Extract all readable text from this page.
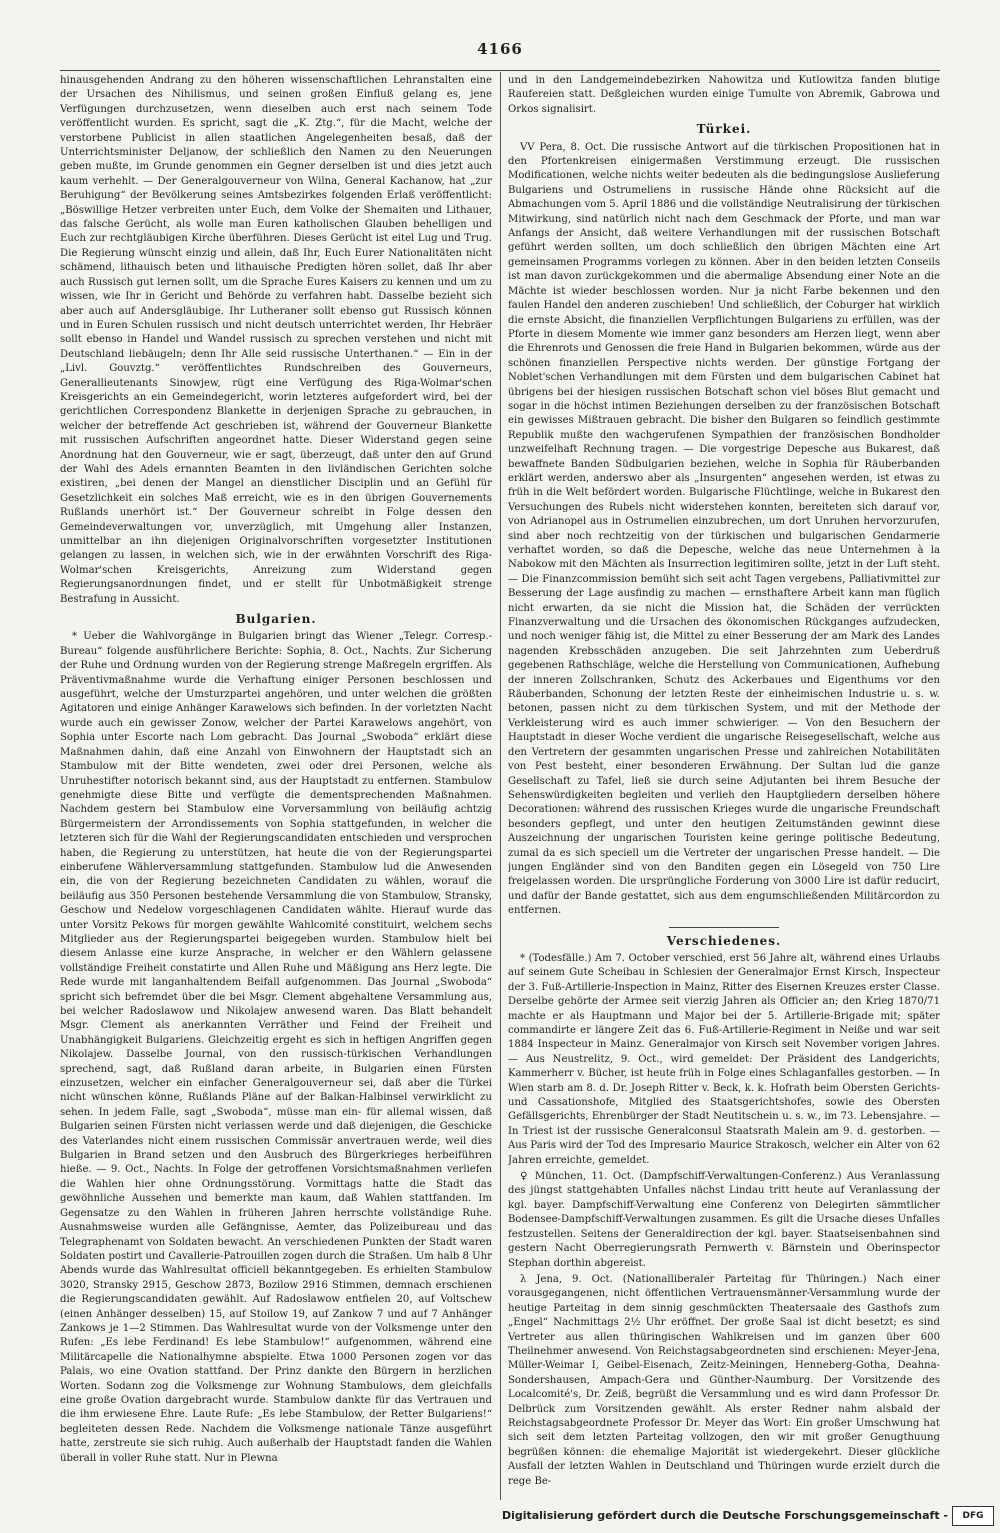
4166

hinausgehenden Andrang zu den höheren wissenschaftlichen Lehranstalten eine der Ursachen des Nihilismus, und seinen großen Einfluß gelang es, jene Verfügungen durchzusetzen, wenn dieselben auch erst nach seinem Tode veröffentlicht wurden. Es spricht, sagt die „K. Ztg.“, für die Macht, welche der verstorbene Publicist in allen staatlichen Angelegenheiten besaß, daß der Unterrichtsminister Deljanow, der schließlich den Namen zu den Neuerungen geben mußte, im Grunde genommen ein Gegner derselben ist und dies jetzt auch kaum verhehlt. — Der Generalgouverneur von Wilna, General Kachanow, hat „zur Beruhigung“ der Bevölkerung seines Amtsbezirkes folgenden Erlaß veröffentlicht: „Böswillige Hetzer verbreiten unter Euch, dem Volke der Shemaiten und Lithauer, das falsche Gerücht, als wolle man Euren katholischen Glauben behelligen und Euch zur rechtgläubigen Kirche überführen. Dieses Gerücht ist eitel Lug und Trug. Die Regierung wünscht einzig und allein, daß Ihr, Euch Eurer Nationalitäten nicht schämend, lithauisch beten und lithauische Predigten hören sollet, daß Ihr aber auch Russisch gut lernen sollt, um die Sprache Eures Kaisers zu kennen und um zu wissen, wie Ihr in Gericht und Behörde zu verfahren habt. Dasselbe bezieht sich aber auch auf Andersgläubige. Ihr Lutheraner sollt ebenso gut Russisch können und in Euren Schulen russisch und nicht deutsch unterrichtet werden, Ihr Hebräer sollt ebenso in Handel und Wandel russisch zu sprechen verstehen und nicht mit Deutschland liebäugeln; denn Ihr Alle seid russische Unterthanen.“ — Ein in der „Livl. Gouvztg.“ veröffentlichtes Rundschreiben des Gouverneurs, Generallieutenants Sinowjew, rügt eine Verfügung des Riga-Wolmar'schen Kreisgerichts an ein Gemeindegericht, worin letzteres aufgefordert wird, bei der gerichtlichen Correspondenz Blankette in derjenigen Sprache zu gebrauchen, in welcher der betreffende Act geschrieben ist, während der Gouverneur Blankette mit russischen Aufschriften angeordnet hatte. Dieser Widerstand gegen seine Anordnung hat den Gouverneur, wie er sagt, überzeugt, daß unter den auf Grund der Wahl des Adels ernannten Beamten in den livländischen Gerichten solche existiren, „bei denen der Mangel an dienstlicher Disciplin und an Gefühl für Gesetzlichkeit ein solches Maß erreicht, wie es in den übrigen Gouvernements Rußlands unerhört ist.“ Der Gouverneur schreibt in Folge dessen den Gemeindeverwaltungen vor, unverzüglich, mit Umgehung aller Instanzen, unmittelbar an ihn diejenigen Originalvorschriften vorgesetzter Institutionen gelangen zu lassen, in welchen sich, wie in der erwähnten Vorschrift des Riga-Wolmar'schen Kreisgerichts, Anreizung zum Widerstand gegen Regierungsanordnungen findet, und er stellt für Unbotmäßigkeit strenge Bestrafung in Aussicht.

Bulgarien.

* Ueber die Wahlvorgänge in Bulgarien bringt das Wiener „Telegr. Corresp.-Bureau“ folgende ausführlichere Berichte: Sophia, 8. Oct., Nachts. Zur Sicherung der Ruhe und Ordnung wurden von der Regierung strenge Maßregeln ergriffen. Als Präventivmaßnahme wurde die Verhaftung einiger Personen beschlossen und ausgeführt, welche der Umsturzpartei angehören, und unter welchen die größten Agitatoren und einige Anhänger Karawelows sich befinden. In der vorletzten Nacht wurde auch ein gewisser Zonow, welcher der Partei Karawelows angehört, von Sophia unter Escorte nach Lom gebracht. Das Journal „Swoboda“ erklärt diese Maßnahmen dahin, daß eine Anzahl von Einwohnern der Hauptstadt sich an Stambulow mit der Bitte wendeten, zwei oder drei Personen, welche als Unruhestifter notorisch bekannt sind, aus der Hauptstadt zu entfernen. Stambulow genehmigte diese Bitte und verfügte die dementsprechenden Maßnahmen. Nachdem gestern bei Stambulow eine Vorversammlung von beiläufig achtzig Bürgermeistern der Arrondissements von Sophia stattgefunden, in welcher die letzteren sich für die Wahl der Regierungscandidaten entschieden und versprochen haben, die Regierung zu unterstützen, hat heute die von der Regierungspartei einberufene Wählerversammlung stattgefunden. Stambulow lud die Anwesenden ein, die von der Regierung bezeichneten Candidaten zu wählen, worauf die beiläufig aus 350 Personen bestehende Versammlung die von Stambulow, Stransky, Geschow und Nedelow vorgeschlagenen Candidaten wählte. Hierauf wurde das unter Vorsitz Pekows für morgen gewählte Wahlcomité constituirt, welchem sechs Mitglieder aus der Regierungspartei beigegeben wurden. Stambulow hielt bei diesem Anlasse eine kurze Ansprache, in welcher er den Wählern gelassene vollständige Freiheit constatirte und Allen Ruhe und Mäßigung ans Herz legte. Die Rede wurde mit langanhaltendem Beifall aufgenommen. Das Journal „Swoboda“ spricht sich befremdet über die bei Msgr. Clement abgehaltene Versammlung aus, bei welcher Radoslawow und Nikolajew anwesend waren. Das Blatt behandelt Msgr. Clement als anerkannten Verräther und Feind der Freiheit und Unabhängigkeit Bulgariens. Gleichzeitig ergeht es sich in heftigen Angriffen gegen Nikolajew. Dasselbe Journal, von den russisch-türkischen Verhandlungen sprechend, sagt, daß Rußland daran arbeite, in Bulgarien einen Fürsten einzusetzen, welcher ein einfacher Generalgouverneur sei, daß aber die Türkei nicht wünschen könne, Rußlands Pläne auf der Balkan-Halbinsel verwirklicht zu sehen. In jedem Falle, sagt „Swoboda“, müsse man ein- für allemal wissen, daß Bulgarien seinen Fürsten nicht verlassen werde und daß diejenigen, die Geschicke des Vaterlandes nicht einem russischen Commissär anvertrauen werde, weil dies Bulgarien in Brand setzen und den Ausbruch des Bürgerkrieges herbeiführen hieße. — 9. Oct., Nachts. In Folge der getroffenen Vorsichtsmaßnahmen verliefen die Wahlen hier ohne Ordnungsstörung. Vormittags hatte die Stadt das gewöhnliche Aussehen und bemerkte man kaum, daß Wahlen stattfanden. Im Gegensatze zu den Wahlen in früheren Jahren herrschte vollständige Ruhe. Ausnahmsweise wurden alle Gefängnisse, Aemter, das Polizeibureau und das Telegraphenamt von Soldaten bewacht. An verschiedenen Punkten der Stadt waren Soldaten postirt und Cavallerie-Patrouillen zogen durch die Straßen. Um halb 8 Uhr Abends wurde das Wahlresultat officiell bekanntgegeben. Es erhielten Stambulow 3020, Stransky 2915, Geschow 2873, Bozilow 2916 Stimmen, demnach erschienen die Regierungscandidaten gewählt. Auf Radoslawow entfielen 20, auf Voltschew (einen Anhänger desselben) 15, auf Stoilow 19, auf Zankow 7 und auf 7 Anhänger Zankows je 1—2 Stimmen. Das Wahlresultat wurde von der Volksmenge unter den Rufen: „Es lebe Ferdinand! Es lebe Stambulow!“ aufgenommen, während eine Militärcapelle die Nationalhymne abspielte. Etwa 1000 Personen zogen vor das Palais, wo eine Ovation stattfand. Der Prinz dankte den Bürgern in herzlichen Worten. Sodann zog die Volksmenge zur Wohnung Stambulows, dem gleichfalls eine große Ovation dargebracht wurde. Stambulow dankte für das Vertrauen und die ihm erwiesene Ehre. Laute Rufe: „Es lebe Stambulow, der Retter Bulgariens!“ begleiteten dessen Rede. Nachdem die Volksmenge nationale Tänze ausgeführt hatte, zerstreute sie sich ruhig. Auch außerhalb der Hauptstadt fanden die Wahlen überall in voller Ruhe statt. Nur in Plewna

und in den Landgemeindebezirken Nahowitza und Kutlowitza fanden blutige Raufereien statt. Deßgleichen wurden einige Tumulte von Abremik, Gabrowa und Orkos signalisirt.

Türkei.

VV Pera, 8. Oct. Die russische Antwort auf die türkischen Propositionen hat in den Pfortenkreisen einigermaßen Verstimmung erzeugt. Die russischen Modificationen, welche nichts weiter bedeuten als die bedingungslose Auslieferung Bulgariens und Ostrumeliens in russische Hände ohne Rücksicht auf die Abmachungen vom 5. April 1886 und die vollständige Neutralisirung der türkischen Mitwirkung, sind natürlich nicht nach dem Geschmack der Pforte, und man war Anfangs der Ansicht, daß weitere Verhandlungen mit der russischen Botschaft geführt werden sollten, um doch schließlich den übrigen Mächten eine Art gemeinsamen Programms vorlegen zu können. Aber in den beiden letzten Conseils ist man davon zurückgekommen und die abermalige Absendung einer Note an die Mächte ist wieder beschlossen worden. Nur ja nicht Farbe bekennen und den faulen Handel den anderen zuschieben! Und schließlich, der Coburger hat wirklich die ernste Absicht, die finanziellen Verpflichtungen Bulgariens zu erfüllen, was der Pforte in diesem Momente wie immer ganz besonders am Herzen liegt, wenn aber die Ehrenrots und Genossen die freie Hand in Bulgarien bekommen, würde aus der schönen finanziellen Perspective nichts werden. Der günstige Fortgang der Noblet'schen Verhandlungen mit dem Fürsten und dem bulgarischen Cabinet hat übrigens bei der hiesigen russischen Botschaft schon viel böses Blut gemacht und sogar in die höchst intimen Beziehungen derselben zu der französischen Botschaft ein gewisses Mißtrauen gebracht. Die bisher den Bulgaren so feindlich gestimmte Republik mußte den wachgerufenen Sympathien der französischen Bondholder unzweifelhaft Rechnung tragen. — Die vorgestrige Depesche aus Bukarest, daß bewaffnete Banden Südbulgarien beziehen, welche in Sophia für Räuberbanden erklärt werden, anderswo aber als „Insurgenten“ angesehen werden, ist etwas zu früh in die Welt befördert worden. Bulgarische Flüchtlinge, welche in Bukarest den Versuchungen des Rubels nicht widerstehen konnten, bereiteten sich darauf vor, von Adrianopel aus in Ostrumelien einzubrechen, um dort Unruhen hervorzurufen, sind aber noch rechtzeitig von der türkischen und bulgarischen Gendarmerie verhaftet worden, so daß die Depesche, welche das neue Unternehmen à la Nabokow mit den Mächten als Insurrection legitimiren sollte, jetzt in der Luft steht. — Die Finanzcommission bemüht sich seit acht Tagen vergebens, Palliativmittel zur Besserung der Lage ausfindig zu machen — ernsthaftere Arbeit kann man füglich nicht erwarten, da sie nicht die Mission hat, die Schäden der verrückten Finanzverwaltung und die Ursachen des ökonomischen Rückganges aufzudecken, und noch weniger fähig ist, die Mittel zu einer Besserung der am Mark des Landes nagenden Krebsschäden anzugeben. Die seit Jahrzehnten zum Ueberdruß gegebenen Rathschläge, welche die Herstellung von Communicationen, Aufhebung der inneren Zollschranken, Schutz des Ackerbaues und Eigenthums vor den Räuberbanden, Schonung der letzten Reste der einheimischen Industrie u. s. w. betonen, passen nicht zu dem türkischen System, und mit der Methode der Verkleisterung wird es auch immer schwieriger. — Von den Besuchern der Hauptstadt in dieser Woche verdient die ungarische Reisegesellschaft, welche aus den Vertretern der gesammten ungarischen Presse und zahlreichen Notabilitäten von Pest besteht, einer besonderen Erwähnung. Der Sultan lud die ganze Gesellschaft zu Tafel, ließ sie durch seine Adjutanten bei ihrem Besuche der Sehenswürdigkeiten begleiten und verlieh den Hauptgliedern derselben höhere Decorationen: während des russischen Krieges wurde die ungarische Freundschaft besonders gepflegt, und unter den heutigen Zeitumständen gewinnt diese Auszeichnung der ungarischen Touristen keine geringe politische Bedeutung, zumal da es sich speciell um die Vertreter der ungarischen Presse handelt. — Die jungen Engländer sind von den Banditen gegen ein Lösegeld von 750 Lire freigelassen worden. Die ursprüngliche Forderung von 3000 Lire ist dafür reducirt, und dafür der Bande gestattet, sich aus dem engumschließenden Militärcordon zu entfernen.

Verschiedenes.

* (Todesfälle.) Am 7. October verschied, erst 56 Jahre alt, während eines Urlaubs auf seinem Gute Scheibau in Schlesien der Generalmajor Ernst Kirsch, Inspecteur der 3. Fuß-Artillerie-Inspection in Mainz, Ritter des Eisernen Kreuzes erster Classe. Derselbe gehörte der Armee seit vierzig Jahren als Officier an; den Krieg 1870/71 machte er als Hauptmann und Major bei der 5. Artillerie-Brigade mit; später commandirte er längere Zeit das 6. Fuß-Artillerie-Regiment in Neiße und war seit 1884 Inspecteur in Mainz. Generalmajor von Kirsch seit November vorigen Jahres. — Aus Neustrelitz, 9. Oct., wird gemeldet: Der Präsident des Landgerichts, Kammerherr v. Bücher, ist heute früh in Folge eines Schlaganfalles gestorben. — In Wien starb am 8. d. Dr. Joseph Ritter v. Beck, k. k. Hofrath beim Obersten Gerichts- und Cassationshofe, Mitglied des Staatsgerichtshofes, sowie des Obersten Gefällsgerichts, Ehrenbürger der Stadt Neutitschein u. s. w., im 73. Lebensjahre. — In Triest ist der russische Generalconsul Staatsrath Malein am 9. d. gestorben. — Aus Paris wird der Tod des Impresario Maurice Strakosch, welcher ein Alter von 62 Jahren erreichte, gemeldet.

♀ München, 11. Oct. (Dampfschiff-Verwaltungen-Conferenz.) Aus Veranlassung des jüngst stattgehabten Unfalles nächst Lindau tritt heute auf Veranlassung der kgl. bayer. Dampfschiff-Verwaltung eine Conferenz von Delegirten sämmtlicher Bodensee-Dampfschiff-Verwaltungen zusammen. Es gilt die Ursache dieses Unfalles festzustellen. Seitens der Generaldirection der kgl. bayer. Staatseisenbahnen sind gestern Nacht Oberregierungsrath Pernwerth v. Bärnstein und Oberinspector Stephan dorthin abgereist.

λ Jena, 9. Oct. (Nationalliberaler Parteitag für Thüringen.) Nach einer vorausgegangenen, nicht öffentlichen Vertrauensmänner-Versammlung wurde der heutige Parteitag in dem sinnig geschmückten Theatersaale des Gasthofs zum „Engel“ Nachmittags 2½ Uhr eröffnet. Der große Saal ist dicht besetzt; es sind Vertreter aus allen thüringischen Wahlkreisen und im ganzen über 600 Theilnehmer anwesend. Von Reichstagsabgeordneten sind erschienen: Meyer-Jena, Müller-Weimar I, Geibel-Eisenach, Zeitz-Meiningen, Henneberg-Gotha, Deahna-Sondershausen, Ampach-Gera und Günther-Naumburg. Der Vorsitzende des Localcomité's, Dr. Zeiß, begrüßt die Versammlung und es wird dann Professor Dr. Delbrück zum Vorsitzenden gewählt. Als erster Redner nahm alsbald der Reichstagsabgeordnete Professor Dr. Meyer das Wort: Ein großer Umschwung hat sich seit dem letzten Parteitag vollzogen, den wir mit großer Genugthuung begrüßen können: die ehemalige Majorität ist wiedergekehrt. Dieser glückliche Ausfall der letzten Wahlen in Deutschland und Thüringen wurde erzielt durch die rege Be-

Digitalisierung gefördert durch die Deutsche Forschungsgemeinschaft -	DFG
